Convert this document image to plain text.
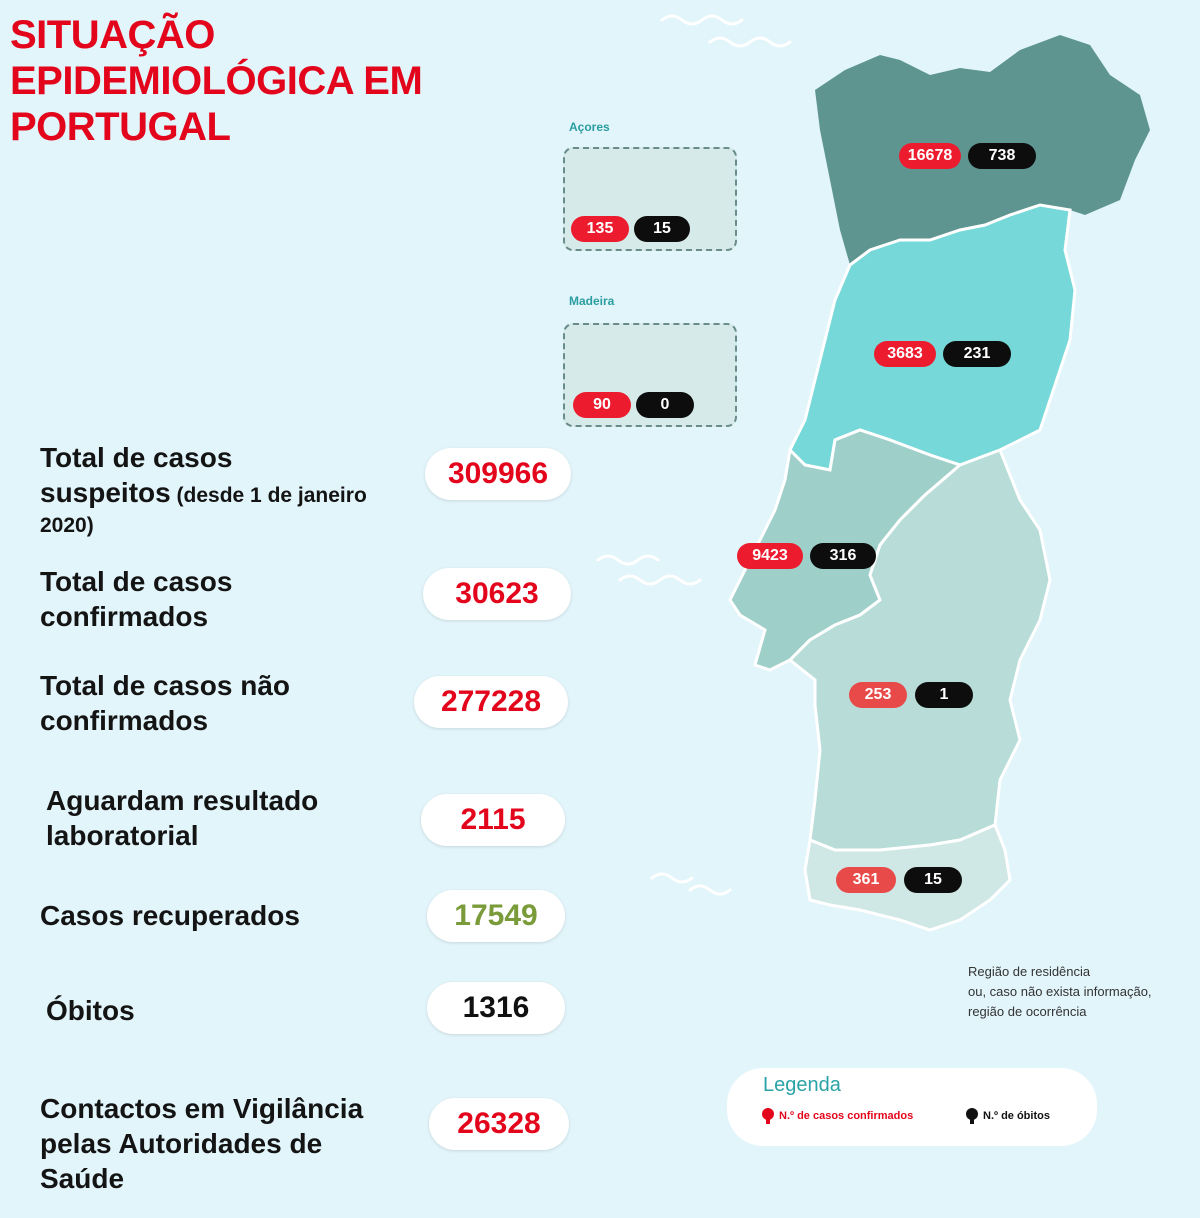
SITUAÇÃO
EPIDEMIOLÓGICA EM
PORTUGAL	Açores
135	15
Madeira
90	0
16678	738
3683	231
9423	316
253	1
361	15
Total de casos
suspeitos (desde 1 de janeiro
$^{2020)}$
309966
Total de casos
confirmados
30623
Total de casos não
confirmados
277228
Aguardam resultado
laboratorial	2115
Casos recuperados	17549
Óbitos	1316
Contactos em Vigilância
pelas Autoridades de
Saúde
26328
Região de residência
ou, caso não exista informação,
região de ocorrência
Legenda
N.º de casos confirmados	N.º de óbitos
